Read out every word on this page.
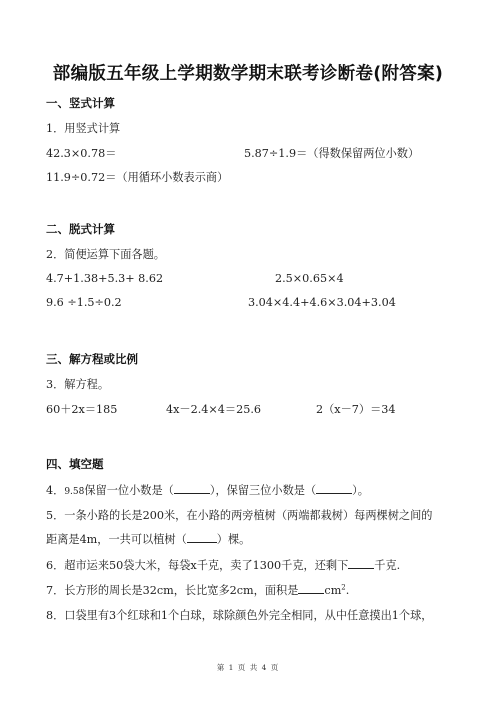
部编版五年级上学期数学期末联考诊断卷(附答案)
一、竖式计算
1．用竖式计算
42.3×0.78＝	5.87÷1.9＝（得数保留两位小数）
11.9÷0.72＝（用循环小数表示商）
二、脱式计算
2．简便运算下面各题。
4.7+1.38+5.3+ 8.62	2.5×0.65×4
9.6 ÷1.5÷0.2	3.04×4.4+4.6×3.04+3.04
三、解方程或比例
3．解方程。
60＋2x＝185	4x－2.4×4＝25.6	2（x－7）＝34
四、填空题
4．9.58̇保留一位小数是（	），保留三位小数是（	）。
5．一条小路的长是200米，在小路的两旁植树（两端都栽树）每两棵树之间的
距离是4m，一共可以植树（	）棵。
6．超市运来50袋大米，每袋x千克，卖了1300千克，还剩下 千克.
7．长方形的周长是32cm，长比宽多2cm，面积是 $cm^2$.
8．口袋里有3个红球和1个白球，球除颜色外完全相同，从中任意摸出1个球，
第 1 页 共 4 页
